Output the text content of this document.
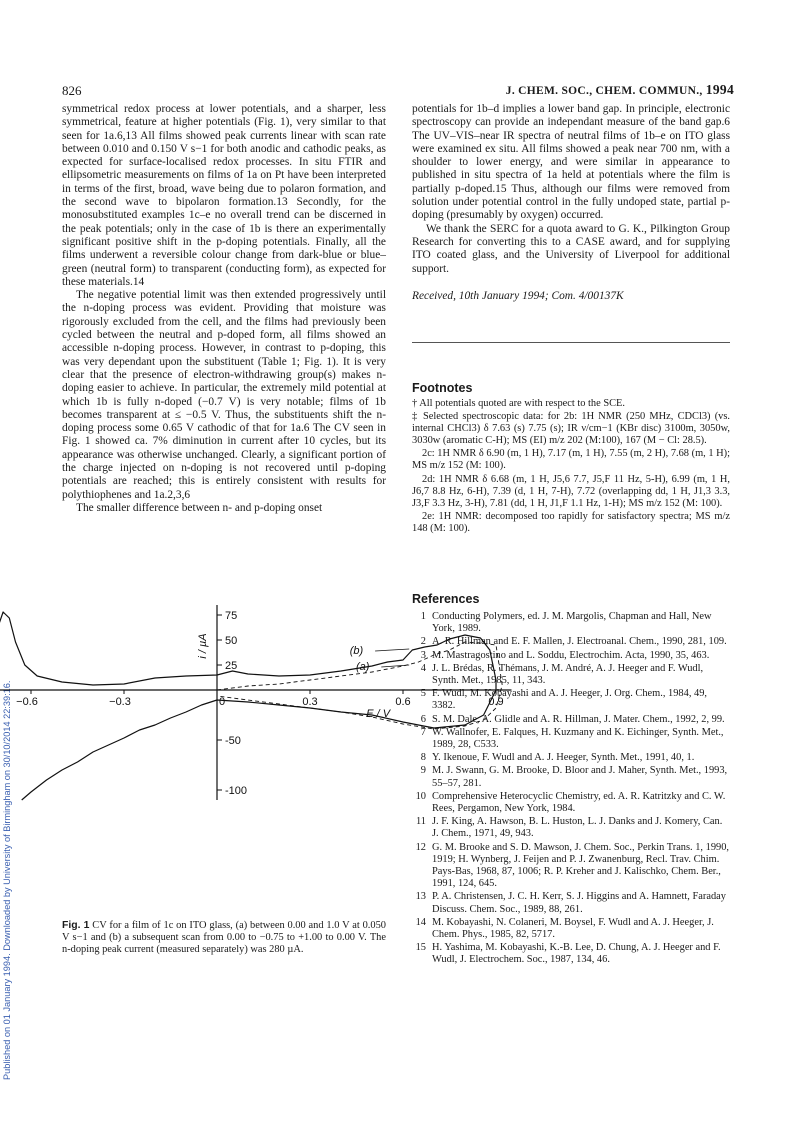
Published on 01 January 1994. Downloaded by University of Birmingham on 30/10/2014 22:39:16.
826	J. CHEM. SOC., CHEM. COMMUN., 1994

symmetrical redox process at lower potentials, and a sharper, less symmetrical, feature at higher potentials (Fig. 1), very similar to that seen for 1a.6,13 All films showed peak currents linear with scan rate between 0.010 and 0.150 V s−1 for both anodic and cathodic peaks, as expected for surface-localised redox processes. In situ FTIR and ellipsometric measurements on films of 1a on Pt have been interpreted in terms of the first, broad, wave being due to polaron formation, and the second wave to bipolaron formation.13 Secondly, for the monosubstituted examples 1c–e no overall trend can be discerned in the peak potentials; only in the case of 1b is there an experimentally significant positive shift in the p-doping potentials. Finally, all the films underwent a reversible colour change from dark-blue or blue–green (neutral form) to transparent (conducting form), as expected for these materials.14

The negative potential limit was then extended progressively until the n-doping process was evident. Providing that moisture was rigorously excluded from the cell, and the films had previously been cycled between the neutral and p-doped form, all films showed an accessible n-doping process. However, in contrast to p-doping, this was very dependant upon the substituent (Table 1; Fig. 1). It is very clear that the presence of electron-withdrawing group(s) makes n-doping easier to achieve. In particular, the extremely mild potential at which 1b is fully n-doped (−0.7 V) is very notable; films of 1b becomes transparent at ≤ −0.5 V. Thus, the substituents shift the n-doping process some 0.65 V cathodic of that for 1a.6 The CV seen in Fig. 1 showed ca. 7% diminution in current after 10 cycles, but its appearance was otherwise unchanged. Clearly, a significant portion of the charge injected on n-doping is not recovered until p-doping potentials are reached; this is entirely consistent with results for polythiophenes and 1a.2,3,6

The smaller difference between n- and p-doping onset

potentials for 1b–d implies a lower band gap. In principle, electronic spectroscopy can provide an independant measure of the band gap.6 The UV–VIS–near IR spectra of neutral films of 1b–e on ITO glass were examined ex situ. All films showed a peak near 700 nm, with a shoulder to lower energy, and were similar in appearance to published in situ spectra of 1a held at potentials where the film is partially p-doped.15 Thus, although our films were removed from solution under potential control in the fully undoped state, partial p-doping (presumably by oxygen) occurred.

We thank the SERC for a quota award to G. K., Pilkington Group Research for converting this to a CASE award, and for supplying ITO coated glass, and the University of Liverpool for additional support.

Received, 10th January 1994; Com. 4/00137K

Footnotes

† All potentials quoted are with respect to the SCE.

‡ Selected spectroscopic data: for 2b: 1H NMR (250 MHz, CDCl3) (vs. internal CHCl3) δ 7.63 (s) 7.75 (s); IR ν/cm−1 (KBr disc) 3100m, 3050w, 3030w (aromatic C-H); MS (EI) m/z 202 (M:100), 167 (M − Cl: 28.5).

2c: 1H NMR δ 6.90 (m, 1 H), 7.17 (m, 1 H), 7.55 (m, 2 H), 7.68 (m, 1 H); MS m/z 152 (M: 100).

2d: 1H NMR δ 6.68 (m, 1 H, J5,6 7.7, J5,F 11 Hz, 5-H), 6.99 (m, 1 H, J6,7 8.8 Hz, 6-H), 7.39 (d, 1 H, 7-H), 7.72 (overlapping dd, 1 H, J1,3 3.3, J3,F 3.3 Hz, 3-H), 7.81 (dd, 1 H, J1,F 1.1 Hz, 1-H); MS m/z 152 (M: 100).

2e: 1H NMR: decomposed too rapidly for satisfactory spectra; MS m/z 148 (M: 100).

References
1 Conducting Polymers, ed. J. M. Margolis, Chapman and Hall, New York, 1989.
2 A. R. Hillman and E. F. Mallen, J. Electroanal. Chem., 1990, 281, 109.
3 M. Mastragostino and L. Soddu, Electrochim. Acta, 1990, 35, 463.
4 J. L. Brédas, R. Thémans, J. M. André, A. J. Heeger and F. Wudl, Synth. Met., 1985, 11, 343.
5 F. Wudl, M. Kobayashi and A. J. Heeger, J. Org. Chem., 1984, 49, 3382.
6 S. M. Dale, A. Glidle and A. R. Hillman, J. Mater. Chem., 1992, 2, 99.
7 W. Wallnofer, E. Falques, H. Kuzmany and K. Eichinger, Synth. Met., 1989, 28, C533.
8 Y. Ikenoue, F. Wudl and A. J. Heeger, Synth. Met., 1991, 40, 1.
9 M. J. Swann, G. M. Brooke, D. Bloor and J. Maher, Synth. Met., 1993, 55–57, 281.
10 Comprehensive Heterocyclic Chemistry, ed. A. R. Katritzky and C. W. Rees, Pergamon, New York, 1984.
11 J. F. King, A. Hawson, B. L. Huston, L. J. Danks and J. Komery, Can. J. Chem., 1971, 49, 943.
12 G. M. Brooke and S. D. Mawson, J. Chem. Soc., Perkin Trans. 1, 1990, 1919; H. Wynberg, J. Feijen and P. J. Zwanenburg, Recl. Trav. Chim. Pays-Bas, 1968, 87, 1006; R. P. Kreher and J. Kalischko, Chem. Ber., 1991, 124, 645.
13 P. A. Christensen, J. C. H. Kerr, S. J. Higgins and A. Hamnett, Faraday Discuss. Chem. Soc., 1989, 88, 261.
14 M. Kobayashi, N. Colaneri, M. Boysel, F. Wudl and A. J. Heeger, J. Chem. Phys., 1985, 82, 5717.
15 H. Yashima, M. Kobayashi, K.-B. Lee, D. Chung, A. J. Heeger and F. Wudl, J. Electrochem. Soc., 1987, 134, 46.
−0.6	−0.3	0	0.3	0.6	0.9
75
50
25
-50
-100
i / µA
E / V
(b)
(a)
Fig. 1 CV for a film of 1c on ITO glass, (a) between 0.00 and 1.0 V at 0.050 V s−1 and (b) a subsequent scan from 0.00 to −0.75 to +1.00 to 0.00 V. The n-doping peak current (measured separately) was 280 µA.
